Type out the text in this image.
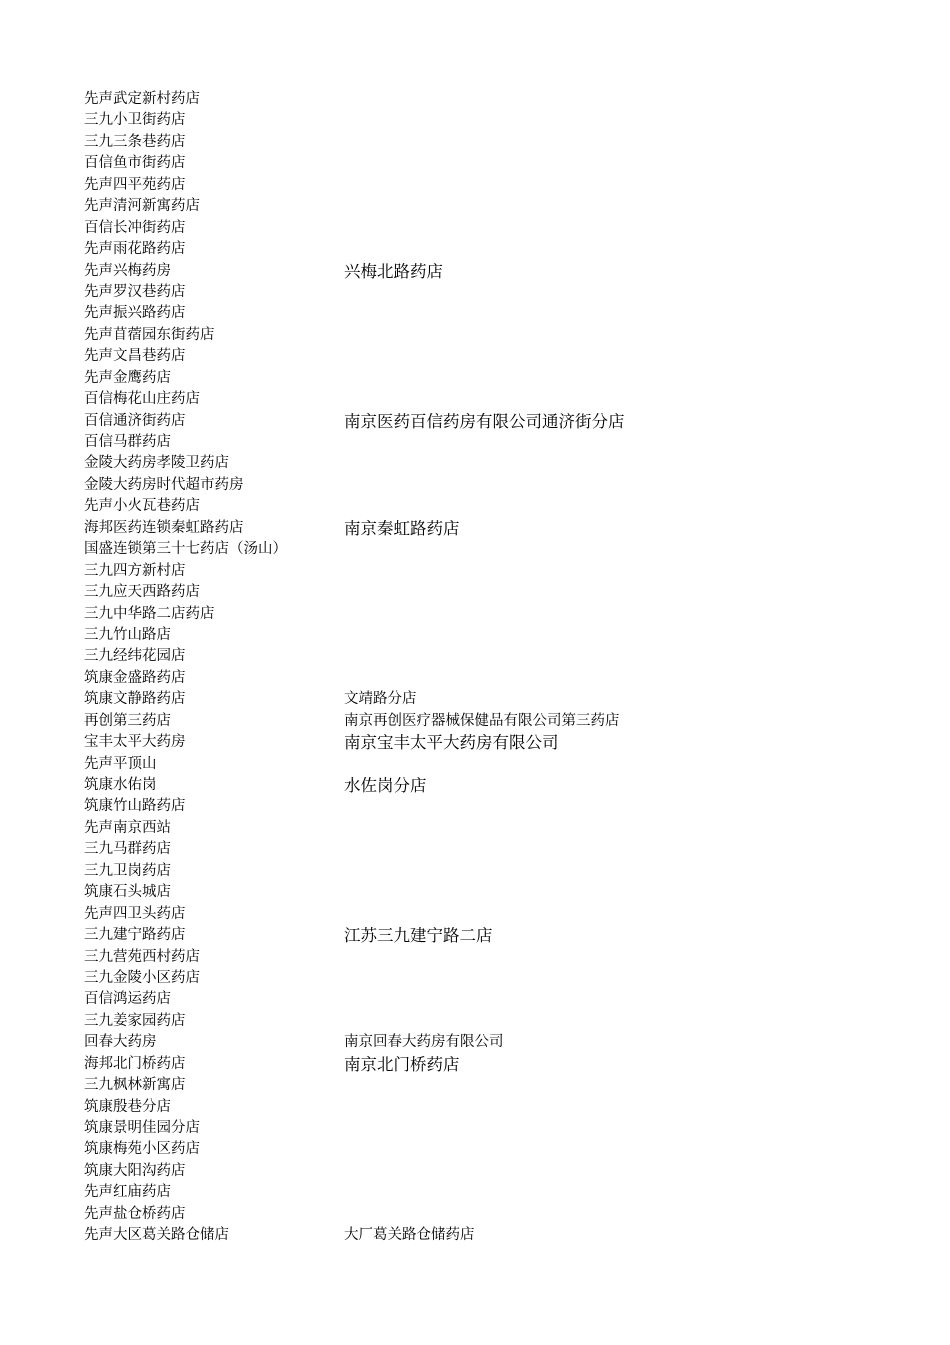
先声武定新村药店
三九小卫街药店
三九三条巷药店
百信鱼市街药店
先声四平苑药店
先声清河新寓药店
百信长冲街药店
先声雨花路药店
先声兴梅药房	兴梅北路药店
先声罗汉巷药店
先声振兴路药店
先声苜蓿园东街药店
先声文昌巷药店
先声金鹰药店
百信梅花山庄药店
百信通济街药店	南京医药百信药房有限公司通济街分店
百信马群药店
金陵大药房孝陵卫药店
金陵大药房时代超市药房
先声小火瓦巷药店
海邦医药连锁秦虹路药店	南京秦虹路药店
国盛连锁第三十七药店（汤山）
三九四方新村店
三九应天西路药店
三九中华路二店药店
三九竹山路店
三九经纬花园店
筑康金盛路药店
筑康文静路药店	文靖路分店
再创第三药店	南京再创医疗器械保健品有限公司第三药店
宝丰太平大药房	南京宝丰太平大药房有限公司
先声平顶山
筑康水佑岗	水佐岗分店
筑康竹山路药店
先声南京西站
三九马群药店
三九卫岗药店
筑康石头城店
先声四卫头药店
三九建宁路药店	江苏三九建宁路二店
三九营苑西村药店
三九金陵小区药店
百信鸿运药店
三九姜家园药店
回春大药房	南京回春大药房有限公司
海邦北门桥药店	南京北门桥药店
三九枫林新寓店
筑康殷巷分店
筑康景明佳园分店
筑康梅苑小区药店
筑康大阳沟药店
先声红庙药店
先声盐仓桥药店
先声大区葛关路仓储店	大厂葛关路仓储药店
